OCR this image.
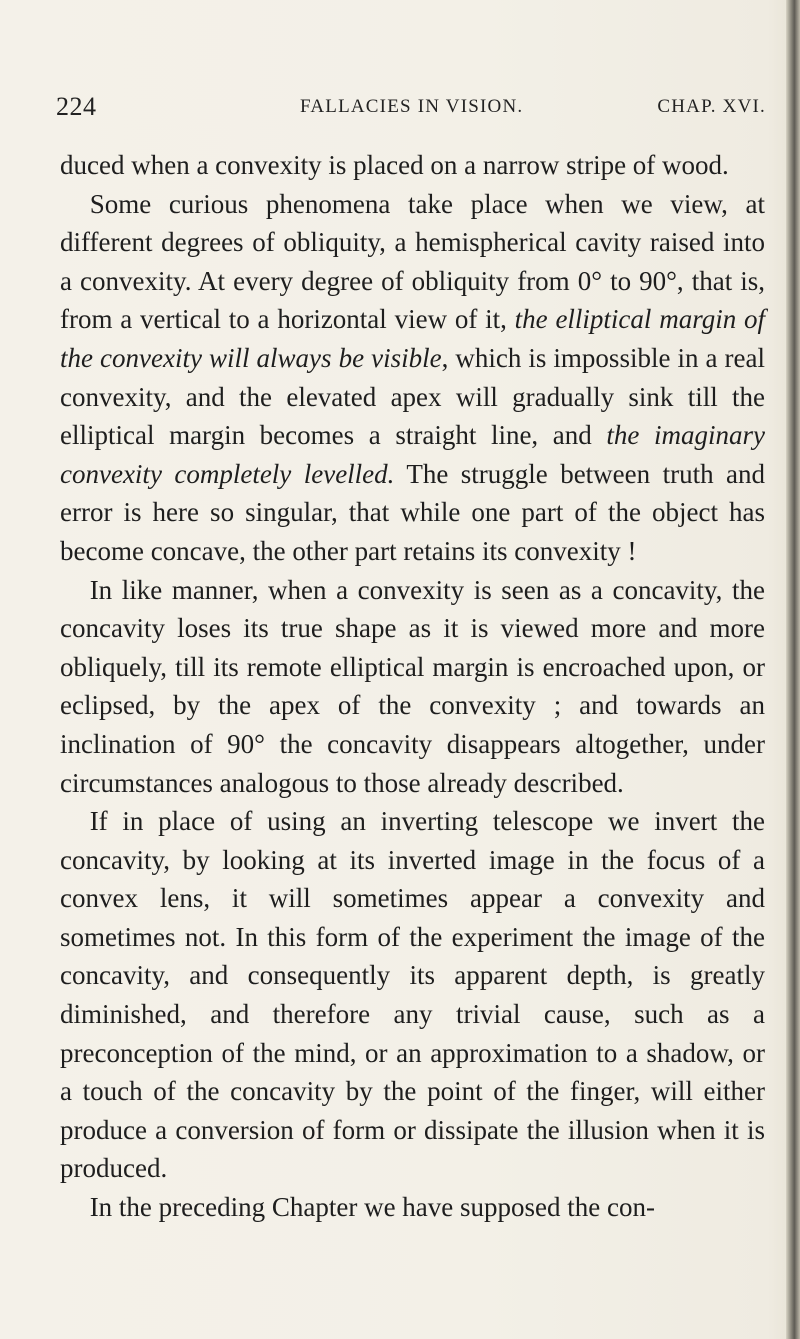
224	FALLACIES IN VISION.	CHAP. XVI.

duced when a convexity is placed on a narrow stripe of wood.

Some curious phenomena take place when we view, at different degrees of obliquity, a hemispherical cavity raised into a convexity. At every degree of obliquity from 0° to 90°, that is, from a vertical to a horizontal view of it, the elliptical margin of the convexity will always be visible, which is impossible in a real convexity, and the elevated apex will gradually sink till the elliptical margin becomes a straight line, and the imaginary convexity completely levelled. The struggle between truth and error is here so singular, that while one part of the object has become concave, the other part retains its convexity !

In like manner, when a convexity is seen as a concavity, the concavity loses its true shape as it is viewed more and more obliquely, till its remote elliptical margin is encroached upon, or eclipsed, by the apex of the convexity ; and towards an inclination of 90° the concavity disappears altogether, under circumstances analogous to those already described.

If in place of using an inverting telescope we invert the concavity, by looking at its inverted image in the focus of a convex lens, it will sometimes appear a convexity and sometimes not. In this form of the experiment the image of the concavity, and consequently its apparent depth, is greatly diminished, and therefore any trivial cause, such as a preconception of the mind, or an approximation to a shadow, or a touch of the concavity by the point of the finger, will either produce a conversion of form or dissipate the illusion when it is produced.

In the preceding Chapter we have supposed the con-
